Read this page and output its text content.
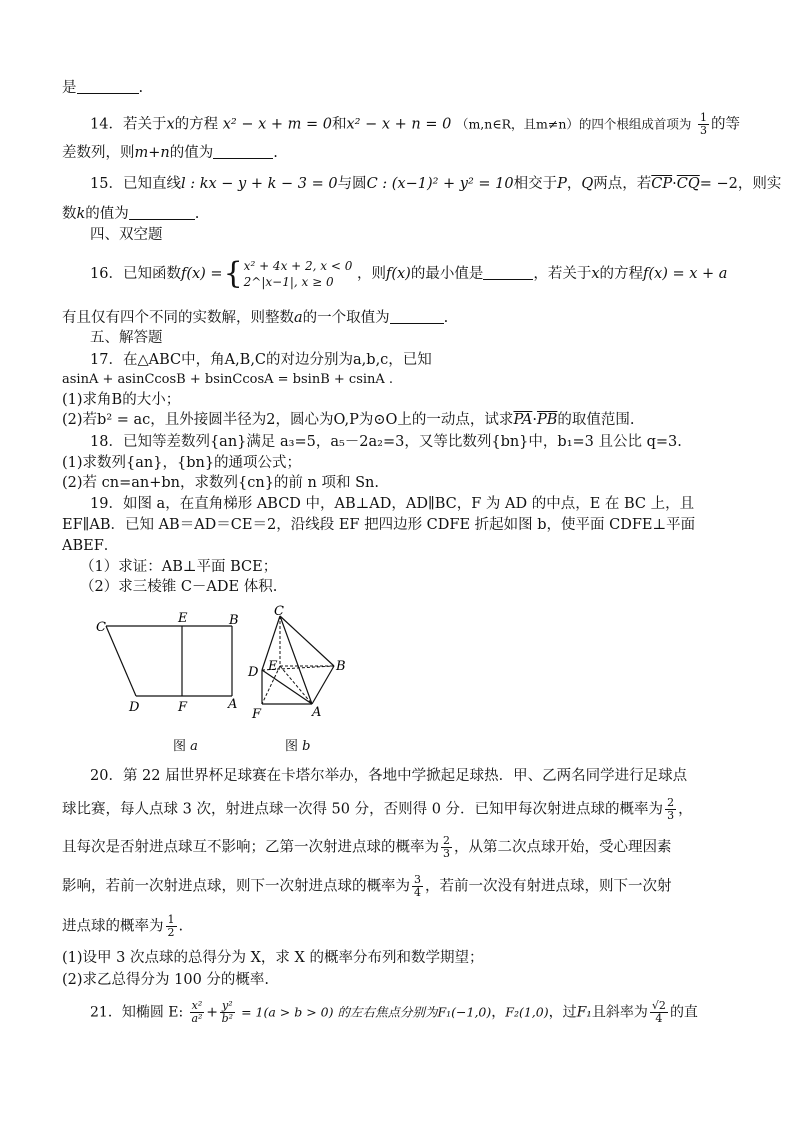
是	.
14．若关于x的方程 x² − x + m = 0和x² − x + n = 0 （m,n∈R，且m≠n）的四个根组成首项为 $\frac{1}{3}$ 的等
差数列，则m+n的值为	.
15．已知直线l : kx − y + k − 3 = 0与圆C : (x−1)² + y² = 10相交于P，Q两点，若$\overline{CP}\cdot\overline{CQ}= -2$，则实
数k的值为	.
四、双空题
16．已知函数f(x) ={ x² + 4x + 2, x < 0
2^|x−1|, x ≥ 0	，则f(x)的最小值是	，若关于x的方程f(x) = x + a
有且仅有四个不同的实数解，则整数a的一个取值为	.
五、解答题
17．在△ABC中，角A,B,C的对边分别为a,b,c，已知
asinA + asinCcosB + bsinCcosA = bsinB + csinA .
(1)求角B的大小；
(2)若b² = ac，且外接圆半径为2，圆心为O,P为⊙O上的一动点，试求$\overline{PA}\cdot\overline{PB}$的取值范围.
18．已知等差数列{an}满足 a₃=5，a₅－2a₂=3，又等比数列{bn}中，b₁=3 且公比 q=3.
(1)求数列{an}，{bn}的通项公式；
(2)若 cn=an+bn，求数列{cn}的前 n 项和 Sn.
19．如图 a，在直角梯形 ABCD 中，AB⊥AD，AD∥BC，F 为 AD 的中点，E 在 BC 上，且
EF∥AB．已知 AB＝AD＝CE＝2，沿线段 EF 把四边形 CDFE 折起如图 b，使平面 CDFE⊥平面
ABEF．
（1）求证：AB⊥平面 BCE；
（2）求三棱锥 C－ADE 体积.
C
E	B
D	F	A
图 a
C
D E	B
F	A
图 b
20．第 22 届世界杯足球赛在卡塔尔举办，各地中学掀起足球热．甲、乙两名同学进行足球点
球比赛，每人点球 3 次，射进点球一次得 50 分，否则得 0 分．已知甲每次射进点球的概率为 $\frac{2}{3}$ ，
且每次是否射进点球互不影响；乙第一次射进点球的概率为 $\frac{2}{3}$ ，从第二次点球开始，受心理因素
影响，若前一次射进点球，则下一次射进点球的概率为 $\frac{3}{4}$ ，若前一次没有射进点球，则下一次射
进点球的概率为 $\frac{1}{2}$ .
(1)设甲 3 次点球的总得分为 X，求 X 的概率分布列和数学期望；
(2)求乙总得分为 100 分的概率.
21．知椭圆 E: $\frac{\text{x²}}{\text{a²}} + \frac{\text{y²}}{\text{b²}} = 1(a > b > 0)$ 的左右焦点分别为F₁(−1,0)，F₂(1,0)，过F₁且斜率为 $\frac{√2}{4}$ 的直
